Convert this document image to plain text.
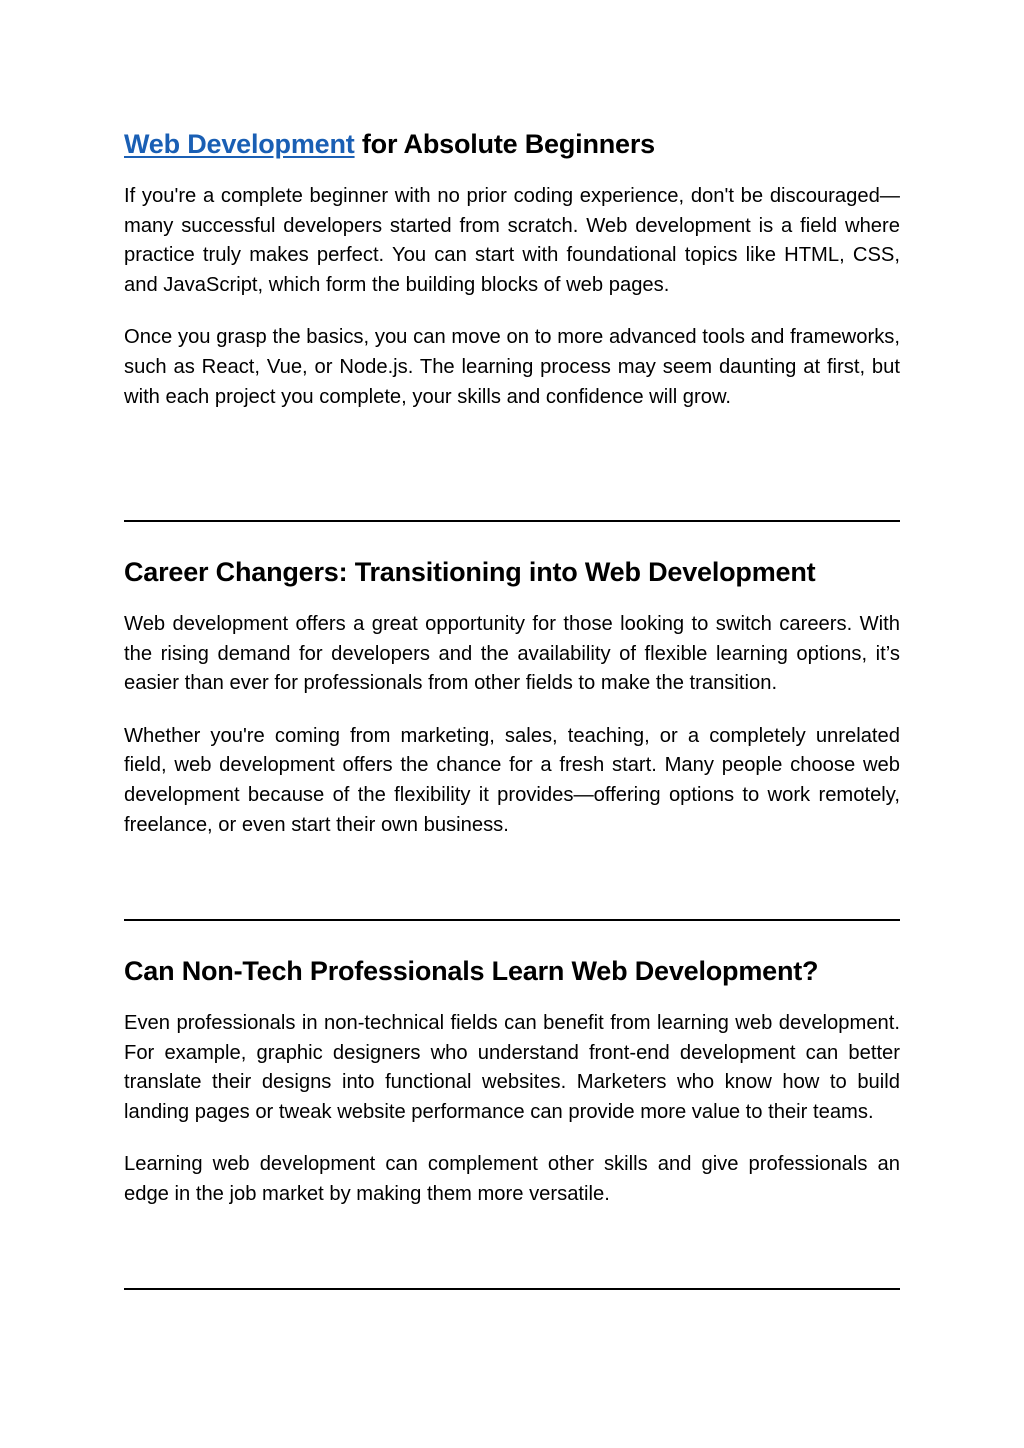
Web Development for Absolute Beginners

If you're a complete beginner with no prior coding experience, don't be discouraged—many successful developers started from scratch. Web development is a field where practice truly makes perfect. You can start with foundational topics like HTML, CSS, and JavaScript, which form the building blocks of web pages.

Once you grasp the basics, you can move on to more advanced tools and frameworks, such as React, Vue, or Node.js. The learning process may seem daunting at first, but with each project you complete, your skills and confidence will grow.

Career Changers: Transitioning into Web Development

Web development offers a great opportunity for those looking to switch careers. With the rising demand for developers and the availability of flexible learning options, it’s easier than ever for professionals from other fields to make the transition.

Whether you're coming from marketing, sales, teaching, or a completely unrelated field, web development offers the chance for a fresh start. Many people choose web development because of the flexibility it provides—offering options to work remotely, freelance, or even start their own business.

Can Non-Tech Professionals Learn Web Development?

Even professionals in non-technical fields can benefit from learning web development. For example, graphic designers who understand front-end development can better translate their designs into functional websites. Marketers who know how to build landing pages or tweak website performance can provide more value to their teams.

Learning web development can complement other skills and give professionals an edge in the job market by making them more versatile.
